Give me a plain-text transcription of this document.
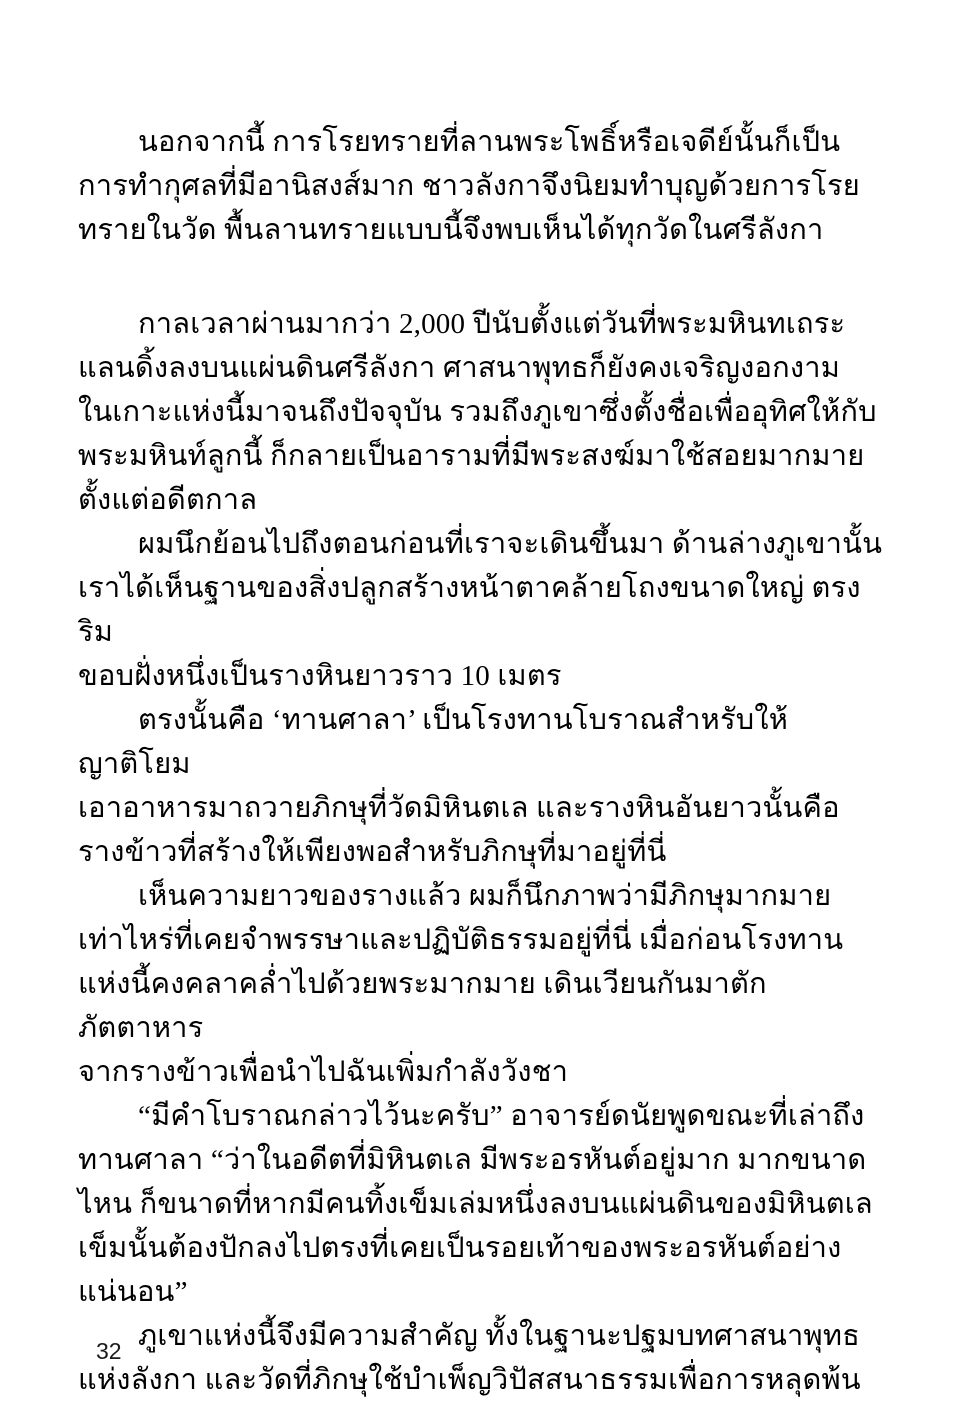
นอกจากนี้ การโรยทรายที่ลานพระโพธิ์หรือเจดีย์นั้นก็เป็น
การทำกุศลที่มีอานิสงส์มาก ชาวลังกาจึงนิยมทำบุญด้วยการโรย
ทรายในวัด พื้นลานทรายแบบนี้จึงพบเห็นได้ทุกวัดในศรีลังกา
กาลเวลาผ่านมากว่า 2,000 ปีนับตั้งแต่วันที่พระมหินทเถระ
แลนดิ้งลงบนแผ่นดินศรีลังกา ศาสนาพุทธก็ยังคงเจริญงอกงาม
ในเกาะแห่งนี้มาจนถึงปัจจุบัน รวมถึงภูเขาซึ่งตั้งชื่อเพื่ออุทิศให้กับ
พระมหินท์ลูกนี้ ก็กลายเป็นอารามที่มีพระสงฆ์มาใช้สอยมากมาย
ตั้งแต่อดีตกาล
ผมนึกย้อนไปถึงตอนก่อนที่เราจะเดินขึ้นมา ด้านล่างภูเขานั้น
เราได้เห็นฐานของสิ่งปลูกสร้างหน้าตาคล้ายโถงขนาดใหญ่ ตรงริม
ขอบฝั่งหนึ่งเป็นรางหินยาวราว 10 เมตร
ตรงนั้นคือ ‘ทานศาลา’ เป็นโรงทานโบราณสำหรับให้ญาติโยม
เอาอาหารมาถวายภิกษุที่วัดมิหินตเล และรางหินอันยาวนั้นคือ
รางข้าวที่สร้างให้เพียงพอสำหรับภิกษุที่มาอยู่ที่นี่
เห็นความยาวของรางแล้ว ผมก็นึกภาพว่ามีภิกษุมากมาย
เท่าไหร่ที่เคยจำพรรษาและปฏิบัติธรรมอยู่ที่นี่ เมื่อก่อนโรงทาน
แห่งนี้คงคลาคล่ำไปด้วยพระมากมาย เดินเวียนกันมาตักภัตตาหาร
จากรางข้าวเพื่อนำไปฉันเพิ่มกำลังวังชา
“มีคำโบราณกล่าวไว้นะครับ” อาจารย์ดนัยพูดขณะที่เล่าถึง
ทานศาลา “ว่าในอดีตที่มิหินตเล มีพระอรหันต์อยู่มาก มากขนาด
ไหน ก็ขนาดที่หากมีคนทิ้งเข็มเล่มหนึ่งลงบนแผ่นดินของมิหินตเล
เข็มนั้นต้องปักลงไปตรงที่เคยเป็นรอยเท้าของพระอรหันต์อย่าง
แน่นอน”
ภูเขาแห่งนี้จึงมีความสำคัญ ทั้งในฐานะปฐมบทศาสนาพุทธ
แห่งลังกา และวัดที่ภิกษุใช้บำเพ็ญวิปัสสนาธรรมเพื่อการหลุดพ้น
32
